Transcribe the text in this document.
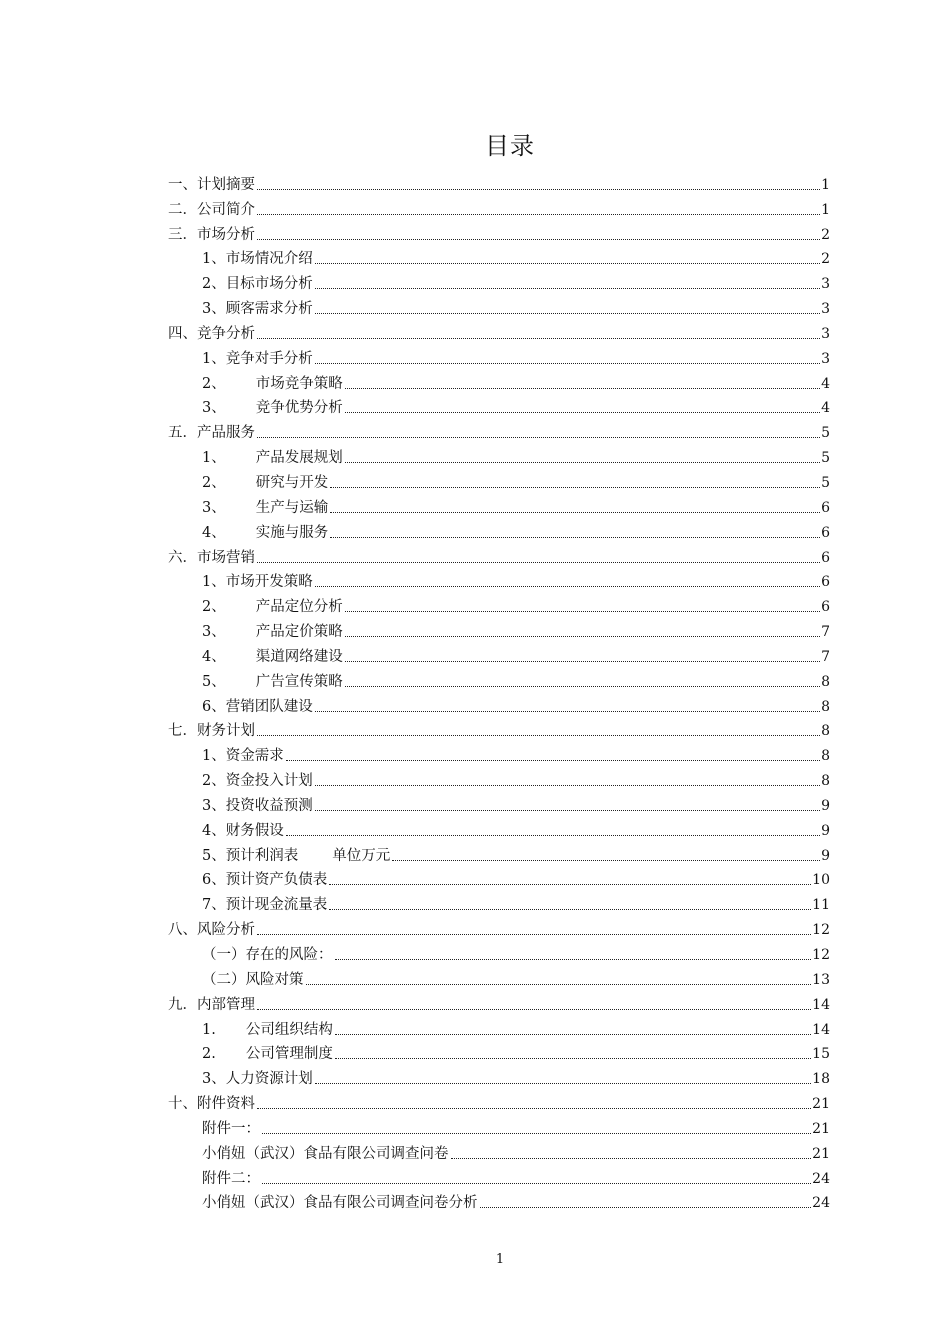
目录
一、计划摘要	1
二．公司简介	1
三．市场分析	2
1、市场情况介绍	2
2、目标市场分析	3
3、顾客需求分析	3
四、竞争分析	3
1、竞争对手分析	3
2、 市场竞争策略	4
3、 竞争优势分析	4
五．产品服务	5
1、 产品发展规划	5
2、 研究与开发	5
3、 生产与运输	6
4、 实施与服务	6
六．市场营销	6
1、市场开发策略	6
2、 产品定位分析	6
3、 产品定价策略	7
4、 渠道网络建设	7
5、 广告宣传策略	8
6、营销团队建设	8
七．财务计划	8
1、资金需求	8
2、资金投入计划	8
3、投资收益预测	9
4、财务假设	9
5、预计利润表 单位万元	9
6、预计资产负债表	10
7、预计现金流量表	11
八、风险分析	12
（一）存在的风险：	12
（二）风险对策	13
九．内部管理	14
1. 公司组织结构	14
2. 公司管理制度	15
3、人力资源计划	18
十、附件资料	21
附件一：	21
小俏妞（武汉）食品有限公司调查问卷	21
附件二：	24
小俏妞（武汉）食品有限公司调查问卷分析	24
1
